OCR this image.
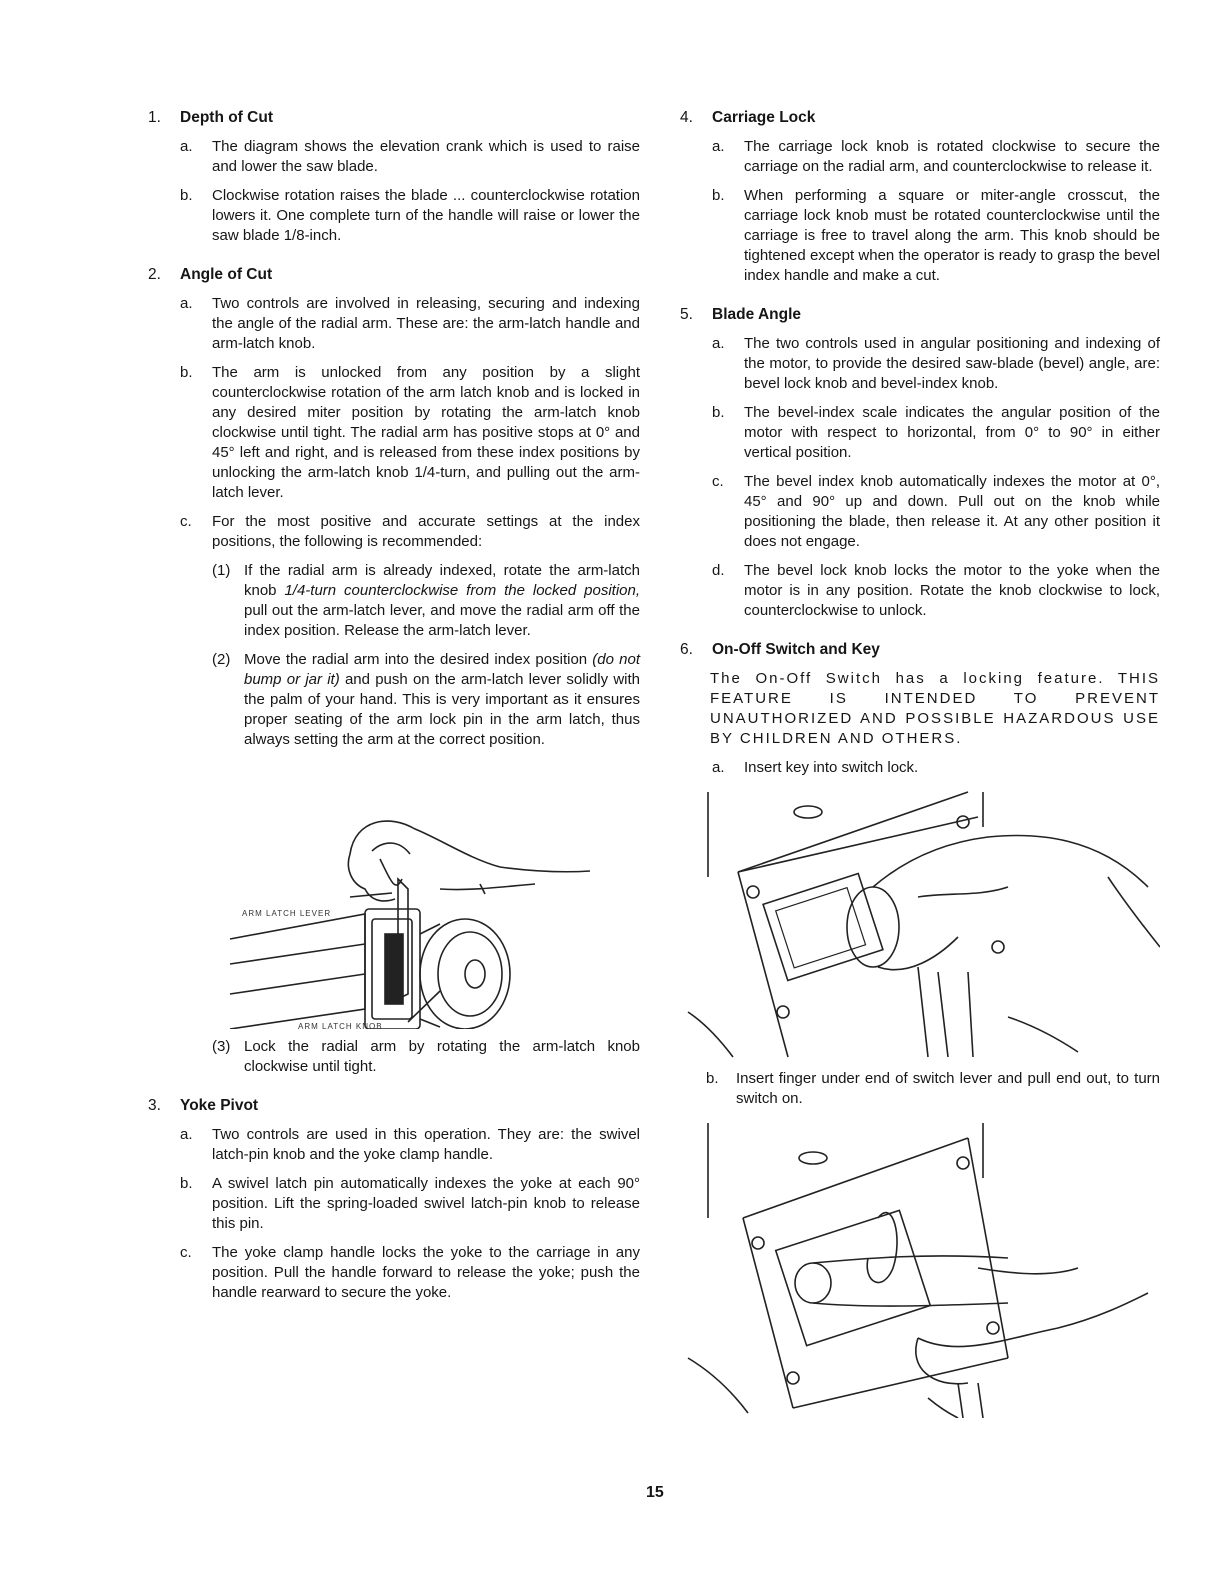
1. Depth of Cut
a. The diagram shows the elevation crank which is used to raise and lower the saw blade.
b. Clockwise rotation raises the blade ... counterclockwise rotation lowers it. One complete turn of the handle will raise or lower the saw blade 1/8-inch.
2. Angle of Cut
a. Two controls are involved in releasing, securing and indexing the angle of the radial arm. These are: the arm-latch handle and arm-latch knob.
b. The arm is unlocked from any position by a slight counterclockwise rotation of the arm latch knob and is locked in any desired miter position by rotating the arm-latch knob clockwise until tight. The radial arm has positive stops at 0° and 45° left and right, and is released from these index positions by unlocking the arm-latch knob 1/4-turn, and pulling out the arm-latch lever.
c. For the most positive and accurate settings at the index positions, the following is recommended:
(1) If the radial arm is already indexed, rotate the arm-latch knob 1/4-turn counterclockwise from the locked position, pull out the arm-latch lever, and move the radial arm off the index position. Release the arm-latch lever.
(2) Move the radial arm into the desired index position (do not bump or jar it) and push on the arm-latch lever solidly with the palm of your hand. This is very important as it ensures proper seating of the arm lock pin in the arm latch, thus always setting the arm at the correct position.
ARM LATCH LEVER
ARM LATCH KNOB
(3) Lock the radial arm by rotating the arm-latch knob clockwise until tight.
3. Yoke Pivot
a. Two controls are used in this operation. They are: the swivel latch-pin knob and the yoke clamp handle.
b. A swivel latch pin automatically indexes the yoke at each 90° position. Lift the spring-loaded swivel latch-pin knob to release this pin.
c. The yoke clamp handle locks the yoke to the carriage in any position. Pull the handle forward to release the yoke; push the handle rearward to secure the yoke.
4. Carriage Lock
a. The carriage lock knob is rotated clockwise to secure the carriage on the radial arm, and counterclockwise to release it.
b. When performing a square or miter-angle crosscut, the carriage lock knob must be rotated counterclockwise until the carriage is free to travel along the arm. This knob should be tightened except when the operator is ready to grasp the bevel index handle and make a cut.
5. Blade Angle
a. The two controls used in angular positioning and indexing of the motor, to provide the desired saw-blade (bevel) angle, are: bevel lock knob and bevel-index knob.
b. The bevel-index scale indicates the angular position of the motor with respect to horizontal, from 0° to 90° in either vertical position.
c. The bevel index knob automatically indexes the motor at 0°, 45° and 90° up and down. Pull out on the knob while positioning the blade, then release it. At any other position it does not engage.
d. The bevel lock knob locks the motor to the yoke when the motor is in any position. Rotate the knob clockwise to lock, counterclockwise to unlock.
6. On-Off Switch and Key
The On-Off Switch has a locking feature. THIS FEATURE IS INTENDED TO PREVENT UNAUTHORIZED AND POSSIBLE HAZARDOUS USE BY CHILDREN AND OTHERS.
a. Insert key into switch lock.
b. Insert finger under end of switch lever and pull end out, to turn switch on.
15
